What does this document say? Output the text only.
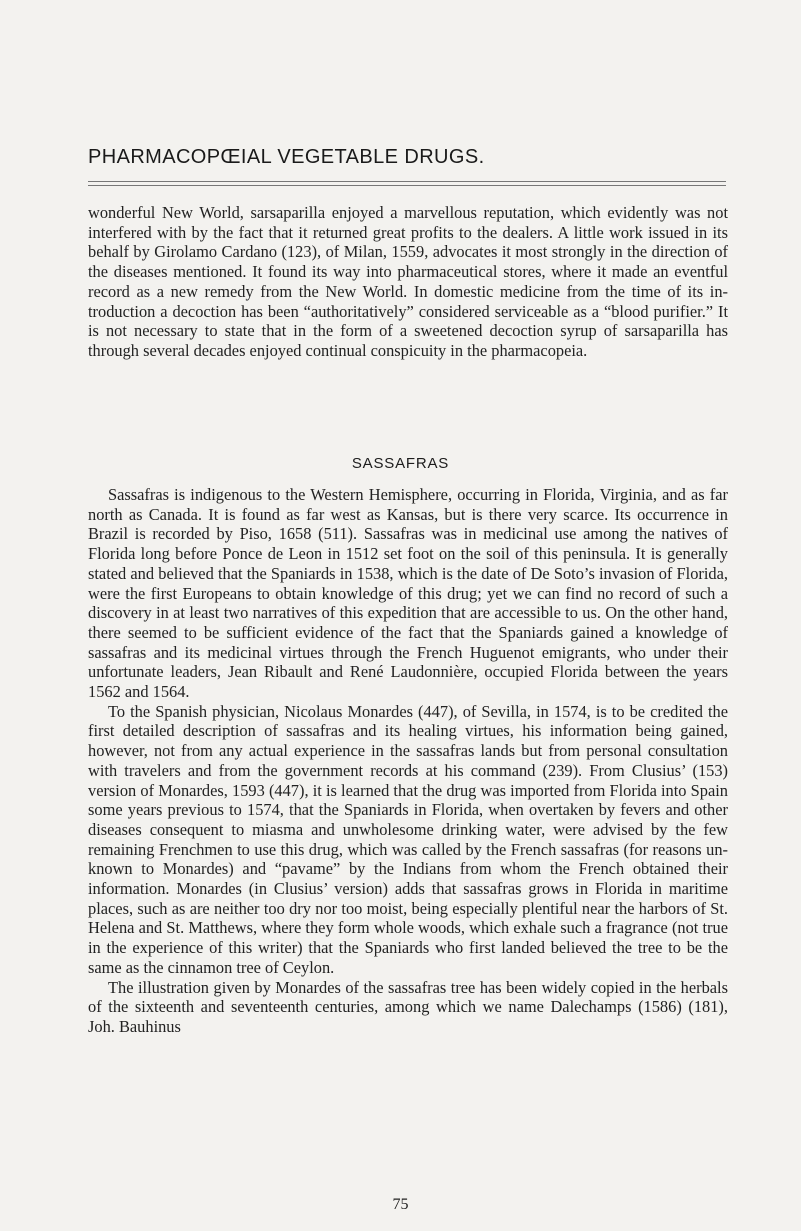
PHARMACOPŒIAL VEGETABLE DRUGS.

wonderful New World, sarsaparilla enjoyed a marvellous reputation, which evidently was not interfered with by the fact that it returned great profits to the dealers. A little work issued in its behalf by Girolamo Cardano (123), of Milan, 1559, advocates it most strongly in the direction of the diseases mentioned. It found its way into pharmaceutical stores, where it made an eventful record as a new remedy from the New World. In domestic medicine from the time of its introduction a decoction has been “authoritatively” considered serviceable as a “blood purifier.” It is not necessary to state that in the form of a sweetened decoction syrup of sarsaparilla has through several decades enjoyed continual conspicuity in the pharmacopeia.

SASSAFRAS

Sassafras is indigenous to the Western Hemisphere, occurring in Florida, Virginia, and as far north as Canada. It is found as far west as Kansas, but is there very scarce. Its occurrence in Brazil is recorded by Piso, 1658 (511). Sassafras was in medicinal use among the natives of Florida long before Ponce de Leon in 1512 set foot on the soil of this peninsula. It is generally stated and believed that the Spaniards in 1538, which is the date of De Soto’s invasion of Florida, were the first Europeans to obtain knowledge of this drug; yet we can find no record of such a discovery in at least two narratives of this expedition that are accessible to us. On the other hand, there seemed to be sufficient evidence of the fact that the Spaniards gained a knowledge of sassafras and its medicinal virtues through the French Huguenot emigrants, who under their unfortunate leaders, Jean Ribault and René Laudonnière, occupied Florida between the years 1562 and 1564.

To the Spanish physician, Nicolaus Monardes (447), of Sevilla, in 1574, is to be credited the first detailed description of sassafras and its healing virtues, his information being gained, however, not from any actual experience in the sassafras lands but from personal consultation with travelers and from the government records at his command (239). From Clusius’ (153) version of Monardes, 1593 (447), it is learned that the drug was imported from Florida into Spain some years previous to 1574, that the Spaniards in Florida, when overtaken by fevers and other diseases consequent to miasma and unwholesome drinking water, were advised by the few remaining Frenchmen to use this drug, which was called by the French sassafras (for reasons unknown to Monardes) and “pavame” by the Indians from whom the French obtained their information. Monardes (in Clusius’ version) adds that sassafras grows in Florida in maritime places, such as are neither too dry nor too moist, being especially plentiful near the harbors of St. Helena and St. Matthews, where they form whole woods, which exhale such a fragrance (not true in the experience of this writer) that the Spaniards who first landed believed the tree to be the same as the cinnamon tree of Ceylon.

The illustration given by Monardes of the sassafras tree has been widely copied in the herbals of the sixteenth and seventeenth centuries, among which we name Dalechamps (1586) (181), Joh. Bauhinus

75
